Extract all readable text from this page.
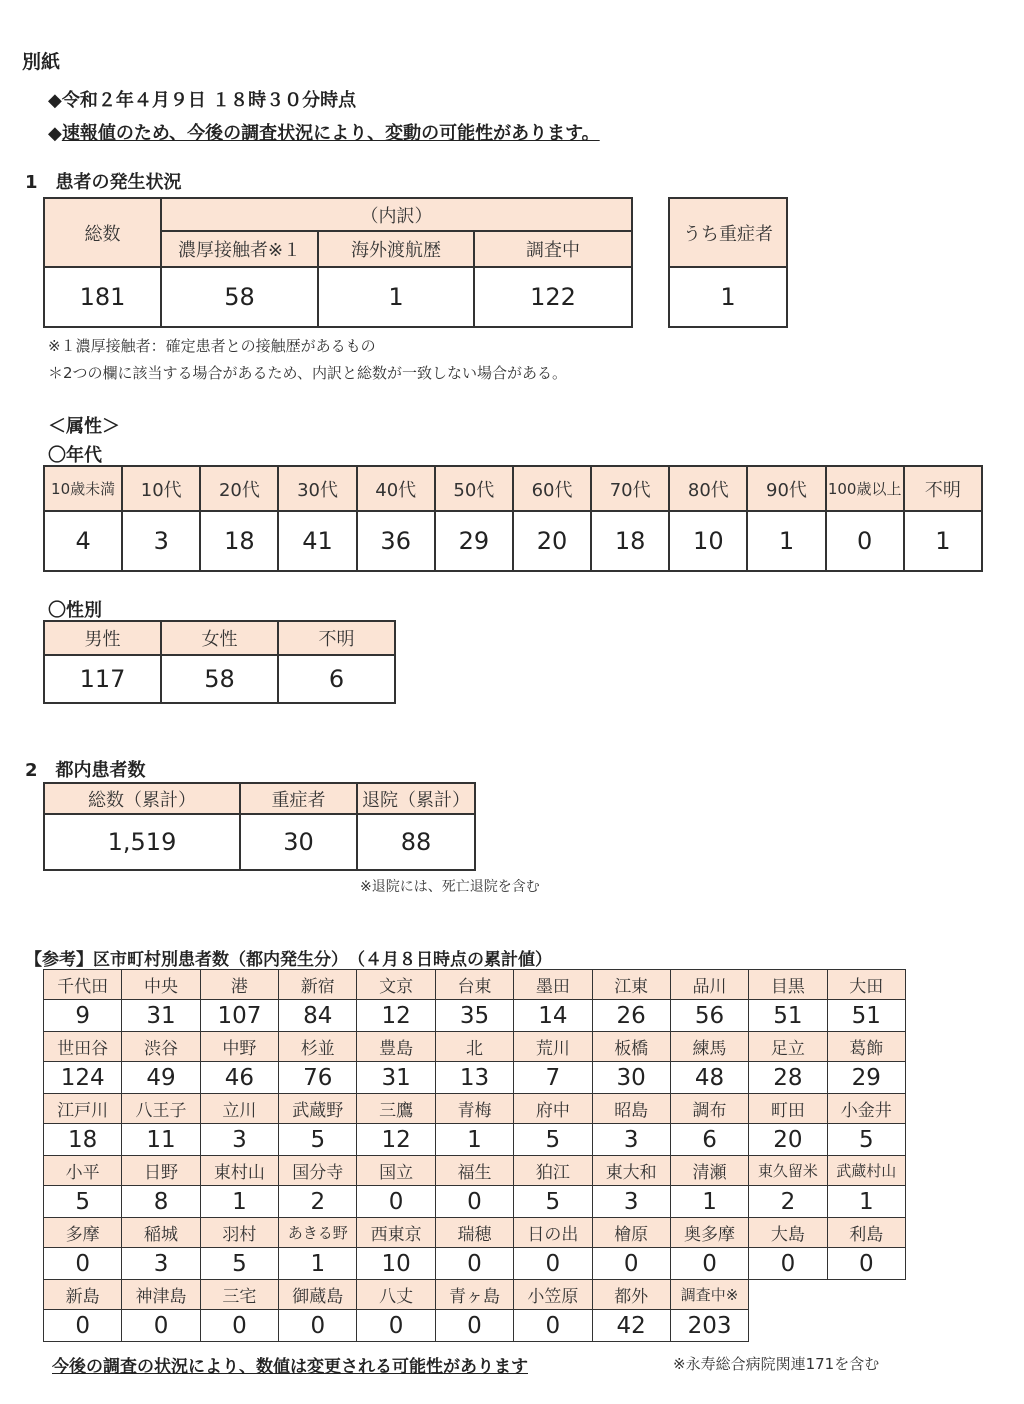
別紙
◆令和２年４月９日 １８時３０分時点
◆速報値のため、今後の調査状況により、変動の可能性があります。
1　患者の発生状況
総数	（内訳）		
	濃厚接触者※１	海外渡航歴	調査中
181	58	1	122
うち重症者
1
※１濃厚接触者：確定患者との接触歴があるもの
＊2つの欄に該当する場合があるため、内訳と総数が一致しない場合がある。
＜属性＞
〇年代
10歳未満	10代	20代	30代	40代	50代	60代	70代	80代	90代	100歳以上	不明
4	3	18	41	36	29	20	18	10	1	0	1
〇性別
男性	女性	不明
117	58	6
2　都内患者数
総数（累計）	重症者	退院（累計）
1,519	30	88
※退院には、死亡退院を含む
【参考】区市町村別患者数（都内発生分）　（４月８日時点の累計値）
千代田	中央	港	新宿	文京	台東	墨田	江東	品川	目黒	大田
9	31	107	84	12	35	14	26	56	51	51
世田谷	渋谷	中野	杉並	豊島	北	荒川	板橋	練馬	足立	葛飾
124	49	46	76	31	13	7	30	48	28	29
江戸川	八王子	立川	武蔵野	三鷹	青梅	府中	昭島	調布	町田	小金井
18	11	3	5	12	1	5	3	6	20	5
小平	日野	東村山	国分寺	国立	福生	狛江	東大和	清瀬	東久留米	武蔵村山
5	8	1	2	0	0	5	3	1	2	1
多摩	稲城	羽村	あきる野	西東京	瑞穂	日の出	檜原	奥多摩	大島	利島
0	3	5	1	10	0	0	0	0	0	0
新島	神津島	三宅	御蔵島	八丈	青ヶ島	小笠原	都外	調査中※		
0	0	0	0	0	0	0	42	203		
今後の調査の状況により、数値は変更される可能性があります	※永寿総合病院関連171を含む
